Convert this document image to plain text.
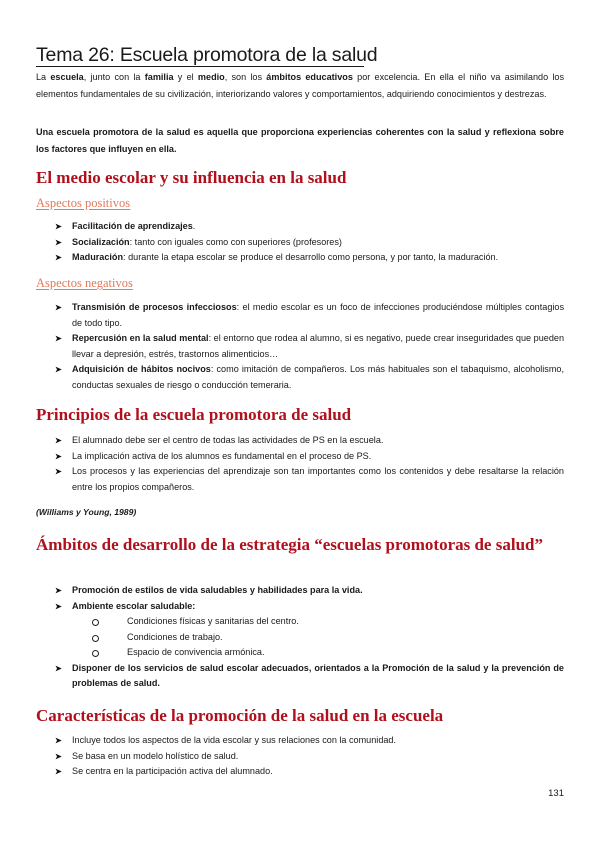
Tema 26: Escuela promotora de la salud

La escuela, junto con la familia y el medio, son los ámbitos educativos por excelencia. En ella el niño va asimilando los elementos fundamentales de su civilización, interiorizando valores y comportamientos, adquiriendo conocimientos y destrezas.

Una escuela promotora de la salud es aquella que proporciona experiencias coherentes con la salud y reflexiona sobre los factores que influyen en ella.

El medio escolar y su influencia en la salud
Aspectos positivos
➤ Facilitación de aprendizajes.
➤ Socialización: tanto con iguales como con superiores (profesores)
➤ Maduración: durante la etapa escolar se produce el desarrollo como persona, y por tanto, la maduración.
Aspectos negativos
➤ Transmisión de procesos infecciosos: el medio escolar es un foco de infecciones produciéndose múltiples contagios de todo tipo.
➤ Repercusión en la salud mental: el entorno que rodea al alumno, si es negativo, puede crear inseguridades que pueden llevar a depresión, estrés, trastornos alimenticios…
➤ Adquisición de hábitos nocivos: como imitación de compañeros. Los más habituales son el tabaquismo, alcoholismo, conductas sexuales de riesgo o conducción temeraria.
Principios de la escuela promotora de salud
➤ El alumnado debe ser el centro de todas las actividades de PS en la escuela.
➤ La implicación activa de los alumnos es fundamental en el proceso de PS.
➤ Los procesos y las experiencias del aprendizaje son tan importantes como los contenidos y debe resaltarse la relación entre los propios compañeros.

(Williams y Young, 1989)

Ámbitos de desarrollo de la estrategia “escuelas promotoras de salud”
➤ Promoción de estilos de vida saludables y habilidades para la vida.
➤ Ambiente escolar saludable:
Condiciones físicas y sanitarias del centro.
Condiciones de trabajo.
Espacio de convivencia armónica.
➤ Disponer de los servicios de salud escolar adecuados, orientados a la Promoción de la salud y la prevención de problemas de salud.
Características de la promoción de la salud en la escuela
➤ Incluye todos los aspectos de la vida escolar y sus relaciones con la comunidad.
➤ Se basa en un modelo holístico de salud.
➤ Se centra en la participación activa del alumnado.
131
